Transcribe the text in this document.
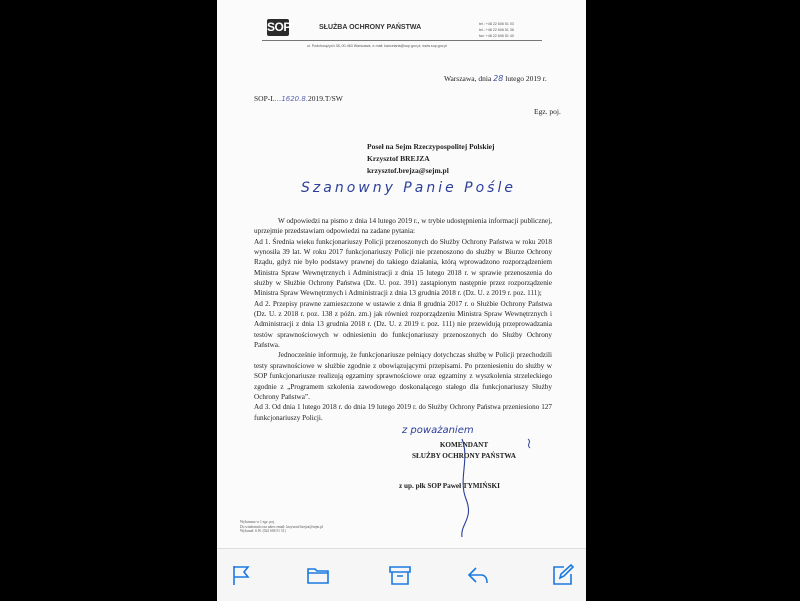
SOP	SŁUŻBA OCHRONY PAŃSTWA	tel.: +48 22 606 51 03
tel.: +48 22 606 51 36
fax: +48 22 606 51 40
ul. Podchorążych 38, 00-463 Warszawa, e-mail: kancelaria@sop.gov.pl, www.sop.gov.pl
Warszawa, dnia 28 lutego 2019 r.
SOP-I....1620.8.2019.T/SW
Egz. poj.
Poseł na Sejm Rzeczypospolitej Polskiej
Krzysztof BREJZA
krzysztof.brejza@sejm.pl
Szanowny Panie Pośle

W odpowiedzi na pismo z dnia 14 lutego 2019 r., w trybie udostępnienia informacji publicznej, uprzejmie przedstawiam odpowiedzi na zadane pytania:

Ad 1. Średnia wieku funkcjonariuszy Policji przenoszonych do Służby Ochrony Państwa w roku 2018 wynosiła 39 lat. W roku 2017 funkcjonariuszy Policji nie przenoszono do służby w Biurze Ochrony Rządu, gdyż nie było podstawy prawnej do takiego działania, którą wprowadzono rozporządzeniem Ministra Spraw Wewnętrznych i Administracji z dnia 15 lutego 2018 r. w sprawie przenoszenia do służby w Służbie Ochrony Państwa (Dz. U. poz. 391) zastąpionym następnie przez rozporządzenie Ministra Spraw Wewnętrznych i Administracji z dnia 13 grudnia 2018 r. (Dz. U. z 2019 r. poz. 111);

Ad 2. Przepisy prawne zamieszczone w ustawie z dnia 8 grudnia 2017 r. o Służbie Ochrony Państwa (Dz. U. z 2018 r. poz. 138 z późn. zm.) jak również rozporządzeniu Ministra Spraw Wewnętrznych i Administracji z dnia 13 grudnia 2018 r. (Dz. U. z 2019 r. poz. 111) nie przewidują przeprowadzania testów sprawnościowych w odniesieniu do funkcjonariuszy przenoszonych do Służby Ochrony Państwa.

Jednocześnie informuję, że funkcjonariusze pełniący dotychczas służbę w Policji przechodzili testy sprawnościowe w służbie zgodnie z obowiązującymi przepisami. Po przeniesieniu do służby w SOP funkcjonariusze realizują egzaminy sprawnościowe oraz egzaminy z wyszkolenia strzeleckiego zgodnie z „Programem szkolenia zawodowego doskonalącego stałego dla funkcjonariuszy Służby Ochrony Państwa”.

Ad 3. Od dnia 1 lutego 2018 r. do dnia 19 lutego 2019 r. do Służby Ochrony Państwa przeniesiono 127 funkcjonariuszy Policji.

z poważaniem
KOMENDANT
SŁUŻBY OCHRONY PAŃSTWA
z up. płk SOP Paweł TYMIŃSKI
Wykonano w 1 egz. poj.
Do wiadomości na adres email: krzysztof.brejza@sejm.pl
Wykonał: S.W. (022 606 51 51)
